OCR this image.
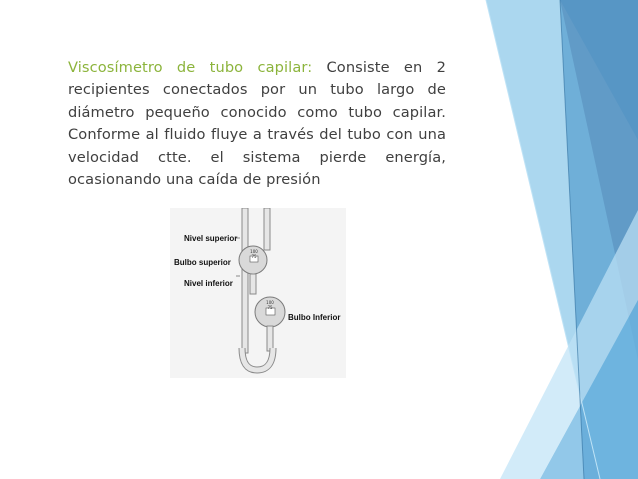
Viscosímetro de tubo capilar: Consiste en 2 recipientes conectados por un tubo largo de diámetro pequeño conocido como tubo capilar. Conforme al fluido fluye a través del tubo con una velocidad ctte. el sistema pierde energía, ocasionando una caída de presión
100
75
100
75
Nivel superior
Bulbo superior
Nivel inferior
Bulbo Inferior
